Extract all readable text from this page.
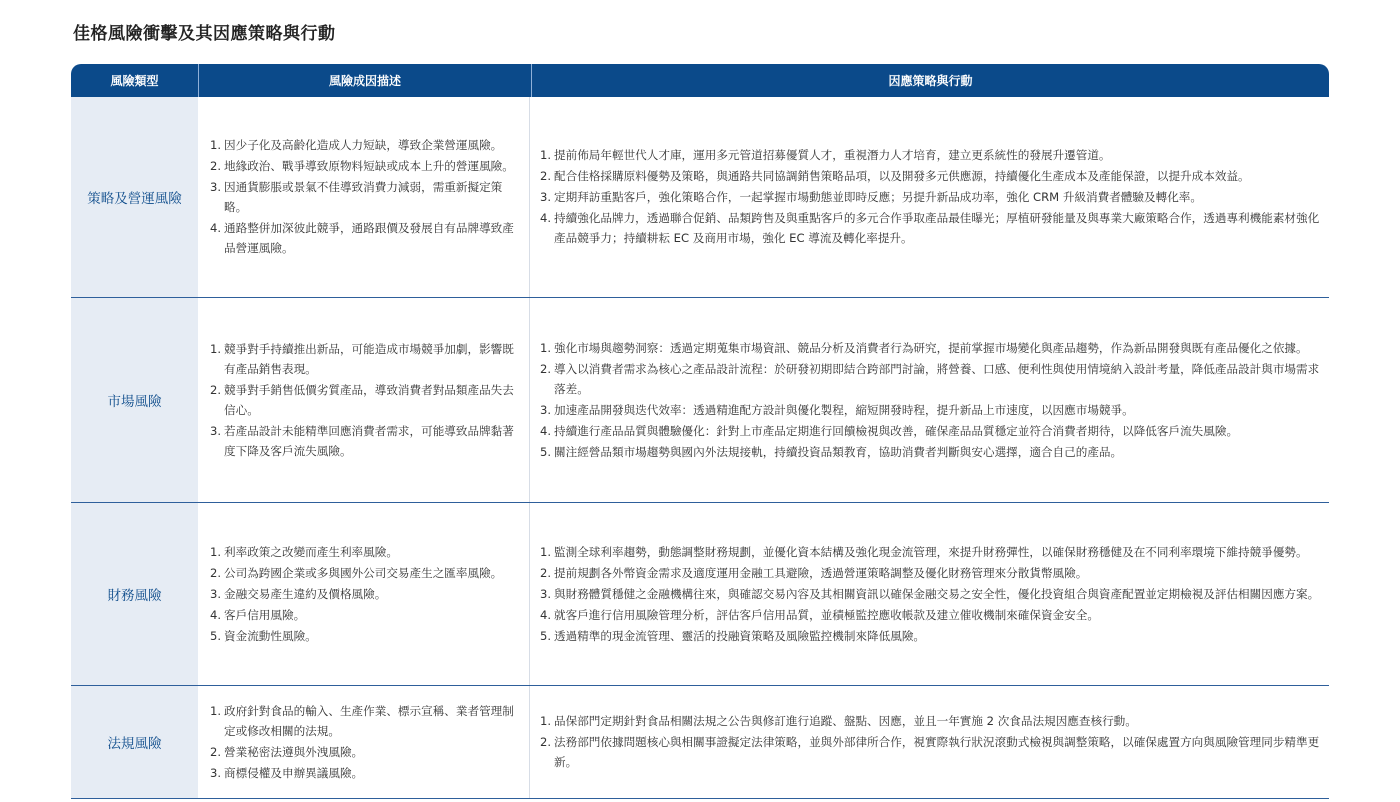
佳格風險衝擊及其因應策略與行動
風險類型	風險成因描述	因應策略與行動
策略及營運風險
1. 因少子化及高齡化造成人力短缺，導致企業營運風險。
2. 地緣政治、戰爭導致原物料短缺或成本上升的營運風險。
3. 因通貨膨脹或景氣不佳導致消費力減弱，需重新擬定策略。
4. 通路整併加深彼此競爭，通路跟價及發展自有品牌導致產品營運風險。
1. 提前佈局年輕世代人才庫，運用多元管道招募優質人才，重視潛力人才培育，建立更系統性的發展升遷管道。
2. 配合佳格採購原料優勢及策略，與通路共同協調銷售策略品項，以及開發多元供應源，持續優化生產成本及產能保證，以提升成本效益。
3. 定期拜訪重點客戶，強化策略合作，一起掌握市場動態並即時反應；另提升新品成功率，強化 CRM 升級消費者體驗及轉化率。
4. 持續強化品牌力，透過聯合促銷、品類跨售及與重點客戶的多元合作爭取產品最佳曝光；厚植研發能量及與專業大廠策略合作，透過專利機能素材強化產品競爭力；持續耕耘 EC 及商用市場，強化 EC 導流及轉化率提升。
市場風險
1. 競爭對手持續推出新品，可能造成市場競爭加劇，影響既有產品銷售表現。
2. 競爭對手銷售低價劣質產品，導致消費者對品類產品失去信心。
3. 若產品設計未能精準回應消費者需求，可能導致品牌黏著度下降及客戶流失風險。
1. 強化市場與趨勢洞察：透過定期蒐集市場資訊、競品分析及消費者行為研究，提前掌握市場變化與產品趨勢，作為新品開發與既有產品優化之依據。
2. 導入以消費者需求為核心之產品設計流程：於研發初期即結合跨部門討論，將營養、口感、便利性與使用情境納入設計考量，降低產品設計與市場需求落差。
3. 加速產品開發與迭代效率：透過精進配方設計與優化製程，縮短開發時程，提升新品上市速度，以因應市場競爭。
4. 持續進行產品品質與體驗優化：針對上市產品定期進行回饋檢視與改善，確保產品品質穩定並符合消費者期待，以降低客戶流失風險。
5. 關注經營品類市場趨勢與國內外法規接軌，持續投資品類教育，協助消費者判斷與安心選擇，適合自己的產品。
財務風險
1. 利率政策之改變而產生利率風險。
2. 公司為跨國企業或多與國外公司交易產生之匯率風險。
3. 金融交易產生違約及價格風險。
4. 客戶信用風險。
5. 資金流動性風險。
1. 監測全球利率趨勢，動態調整財務規劃，並優化資本結構及強化現金流管理，來提升財務彈性，以確保財務穩健及在不同利率環境下維持競爭優勢。
2. 提前規劃各外幣資金需求及適度運用金融工具避險，透過營運策略調整及優化財務管理來分散貨幣風險。
3. 與財務體質穩健之金融機構往來，與確認交易內容及其相關資訊以確保金融交易之安全性，優化投資組合與資產配置並定期檢視及評估相關因應方案。
4. 就客戶進行信用風險管理分析，評估客戶信用品質，並積極監控應收帳款及建立催收機制來確保資金安全。
5. 透過精準的現金流管理、靈活的投融資策略及風險監控機制來降低風險。
法規風險
1. 政府針對食品的輸入、生產作業、標示宣稱、業者管理制定或修改相關的法規。
2. 營業秘密法遵與外洩風險。
3. 商標侵權及申辦異議風險。
1. 品保部門定期針對食品相關法規之公告與修訂進行追蹤、盤點、因應，並且一年實施 2 次食品法規因應查核行動。
2. 法務部門依據問題核心與相關事證擬定法律策略，並與外部律所合作，視實際執行狀況滾動式檢視與調整策略，以確保處置方向與風險管理同步精準更新。
